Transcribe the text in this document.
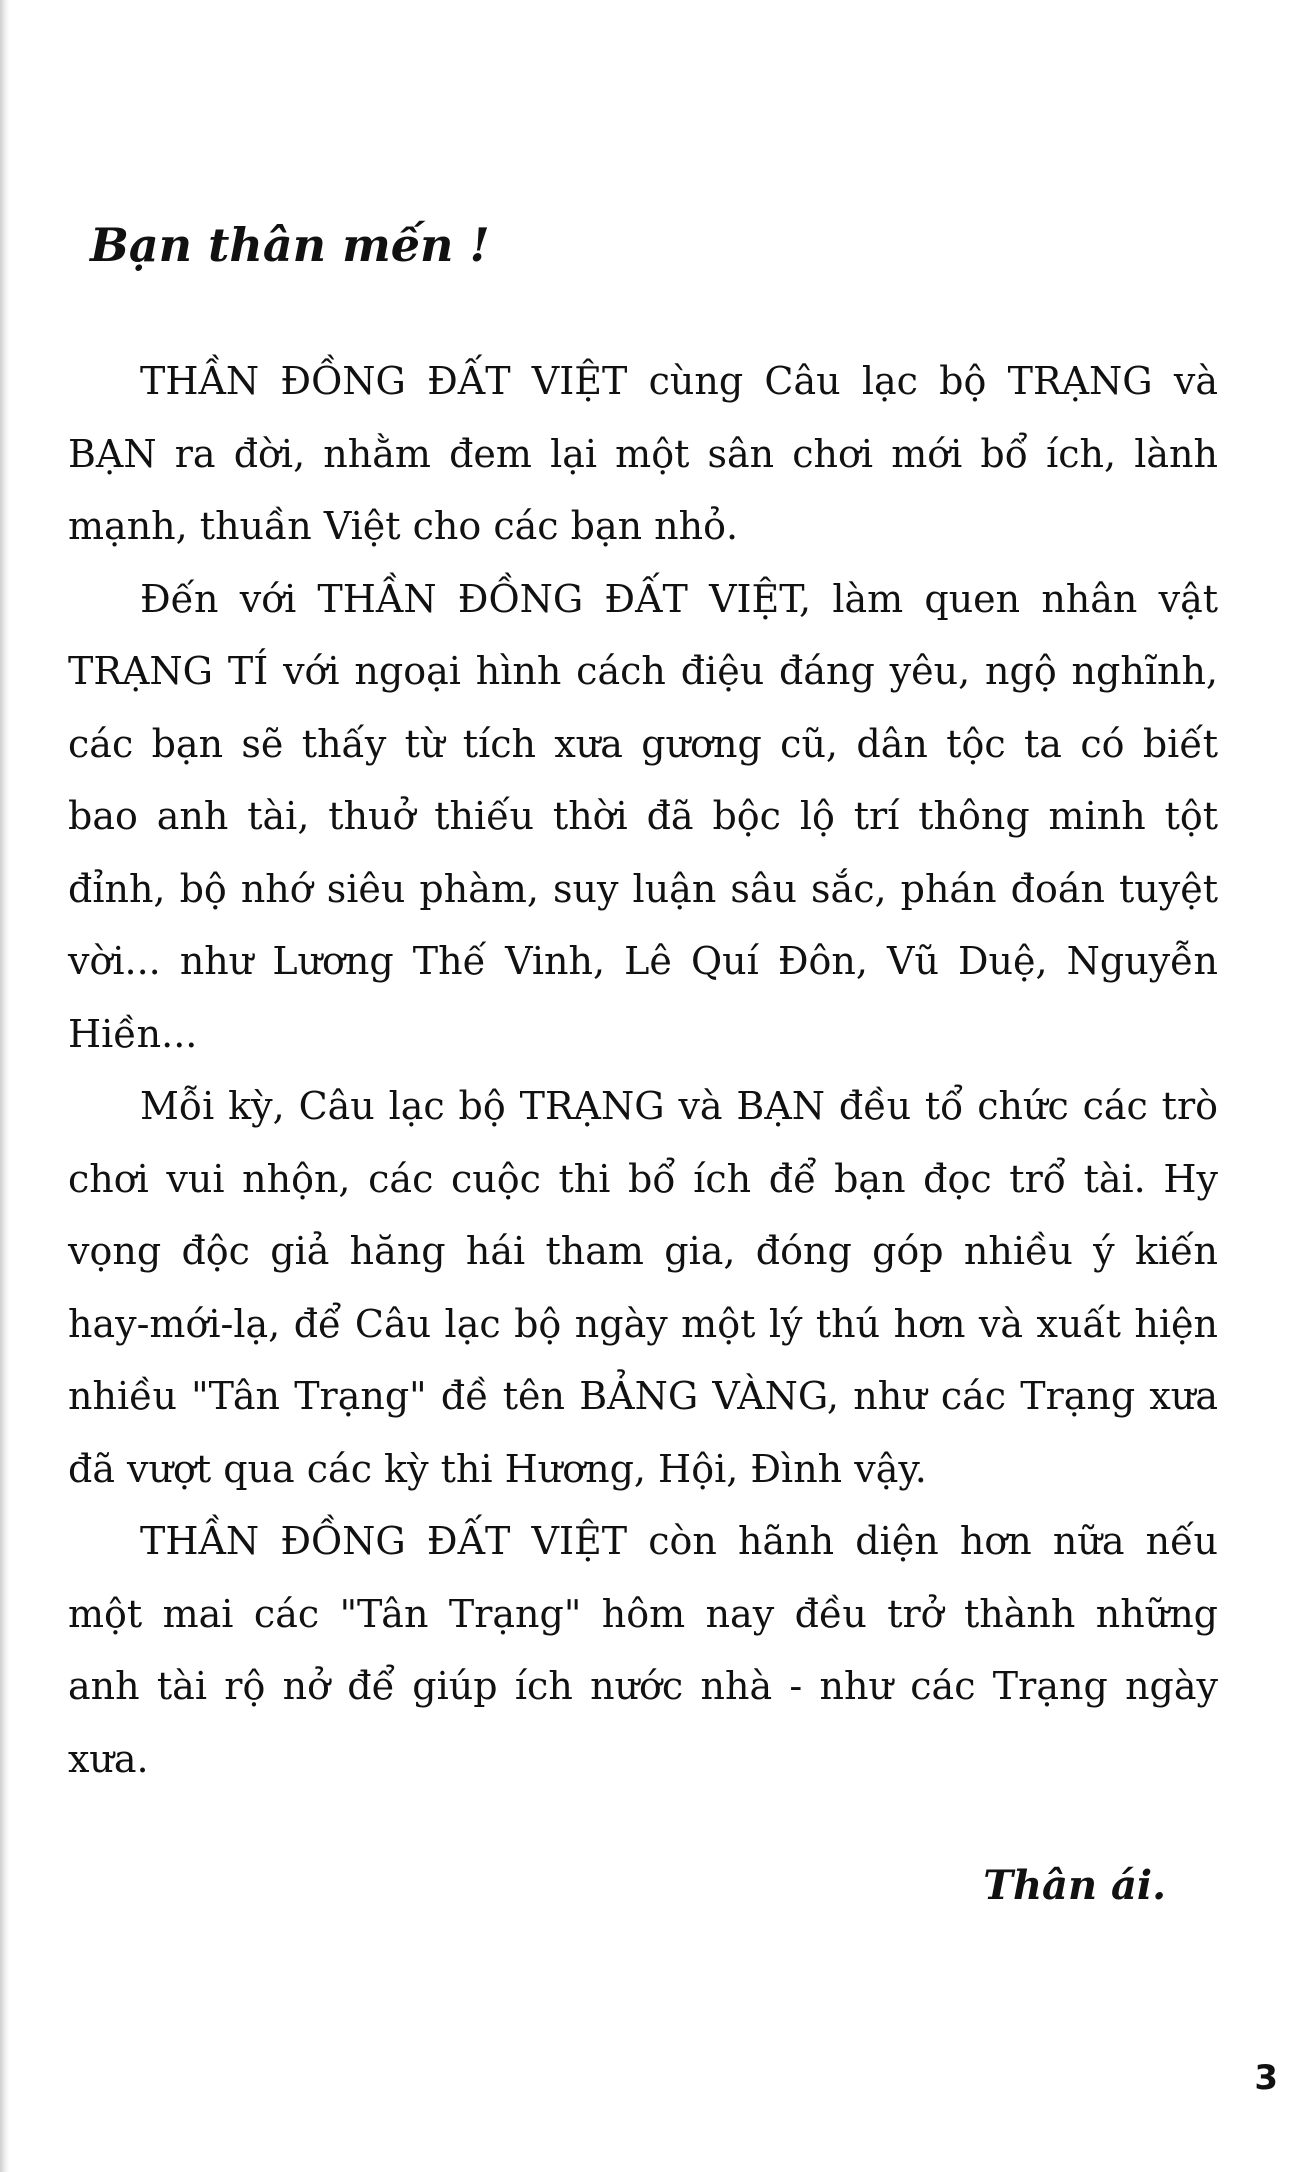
Bạn thân mến !

THẦN ĐỒNG ĐẤT VIỆT cùng Câu lạc bộ TRẠNG và BẠN ra đời, nhằm đem lại một sân chơi mới bổ ích, lành mạnh, thuần Việt cho các bạn nhỏ.

Đến với THẦN ĐỒNG ĐẤT VIỆT, làm quen nhân vật TRẠNG TÍ với ngoại hình cách điệu đáng yêu, ngộ nghĩnh, các bạn sẽ thấy từ tích xưa gương cũ, dân tộc ta có biết bao anh tài, thuở thiếu thời đã bộc lộ trí thông minh tột đỉnh, bộ nhớ siêu phàm, suy luận sâu sắc, phán đoán tuyệt vời... như Lương Thế Vinh, Lê Quí Đôn, Vũ Duệ, Nguyễn Hiền...

Mỗi kỳ, Câu lạc bộ TRẠNG và BẠN đều tổ chức các trò chơi vui nhộn, các cuộc thi bổ ích để bạn đọc trổ tài. Hy vọng độc giả hăng hái tham gia, đóng góp nhiều ý kiến hay-mới-lạ, để Câu lạc bộ ngày một lý thú hơn và xuất hiện nhiều "Tân Trạng" đề tên BẢNG VÀNG, như các Trạng xưa đã vượt qua các kỳ thi Hương, Hội, Đình vậy.

THẦN ĐỒNG ĐẤT VIỆT còn hãnh diện hơn nữa nếu một mai các "Tân Trạng" hôm nay đều trở thành những anh tài rộ nở để giúp ích nước nhà - như các Trạng ngày xưa.

Thân ái.

3
